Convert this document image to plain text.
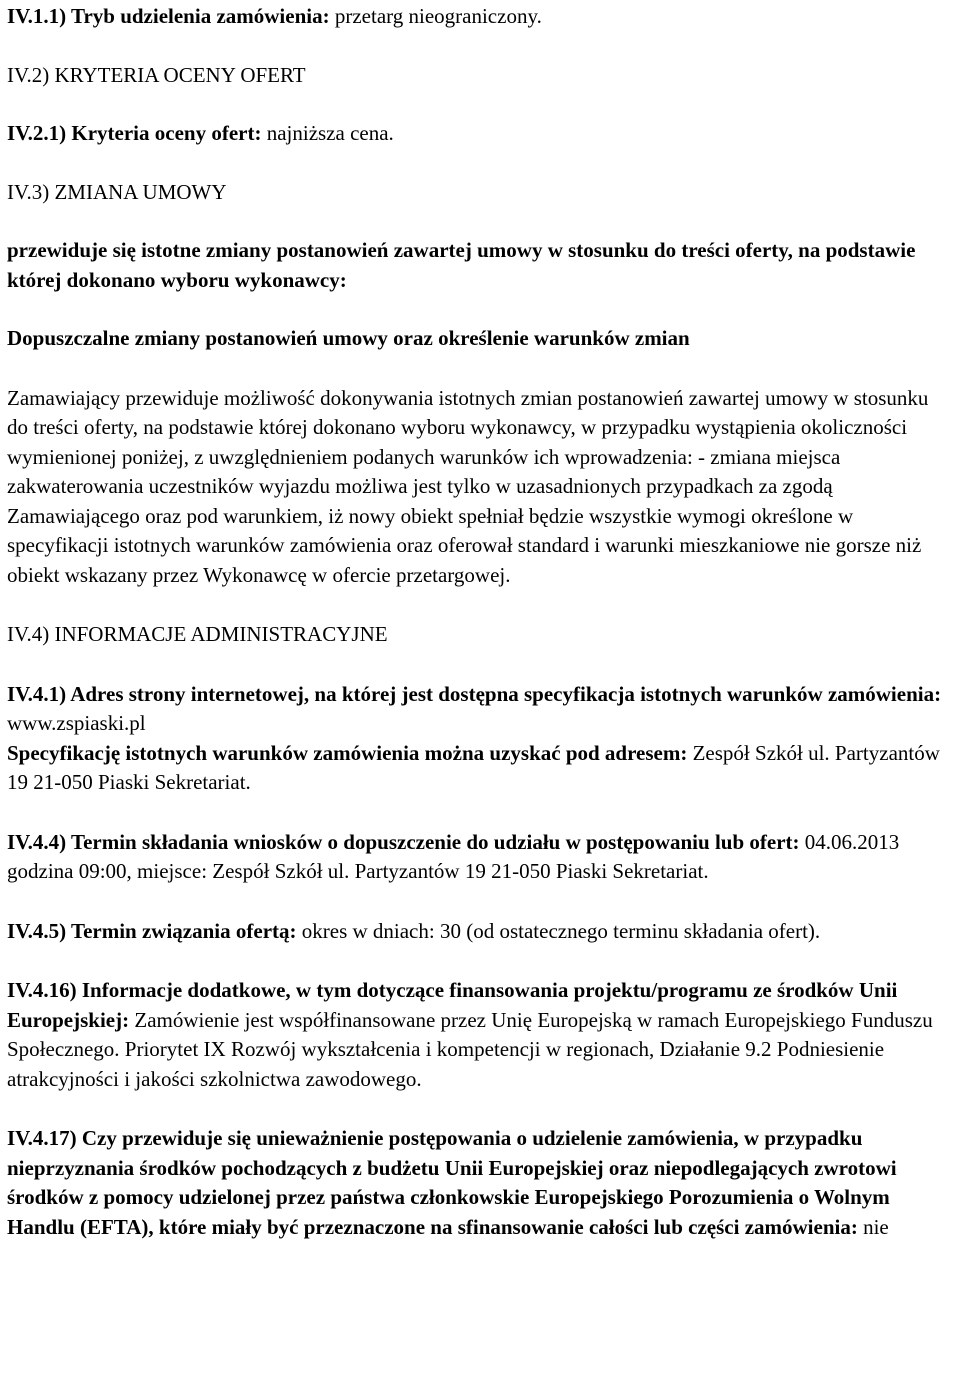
IV.1.1) Tryb udzielenia zamówienia: przetarg nieograniczony.

IV.2) KRYTERIA OCENY OFERT

IV.2.1) Kryteria oceny ofert: najniższa cena.

IV.3) ZMIANA UMOWY

przewiduje się istotne zmiany postanowień zawartej umowy w stosunku do treści oferty, na podstawie której dokonano wyboru wykonawcy:

Dopuszczalne zmiany postanowień umowy oraz określenie warunków zmian

Zamawiający przewiduje możliwość dokonywania istotnych zmian postanowień zawartej umowy w stosunku do treści oferty, na podstawie której dokonano wyboru wykonawcy, w przypadku wystąpienia okoliczności wymienionej poniżej, z uwzględnieniem podanych warunków ich wprowadzenia: - zmiana miejsca zakwaterowania uczestników wyjazdu możliwa jest tylko w uzasadnionych przypadkach za zgodą Zamawiającego oraz pod warunkiem, iż nowy obiekt spełniał będzie wszystkie wymogi określone w specyfikacji istotnych warunków zamówienia oraz oferował standard i warunki mieszkaniowe nie gorsze niż obiekt wskazany przez Wykonawcę w ofercie przetargowej.

IV.4) INFORMACJE ADMINISTRACYJNE

IV.4.1) Adres strony internetowej, na której jest dostępna specyfikacja istotnych warunków zamówienia: www.zspiaski.pl

Specyfikację istotnych warunków zamówienia można uzyskać pod adresem: Zespół Szkół ul. Partyzantów 19 21-050 Piaski Sekretariat.

IV.4.4) Termin składania wniosków o dopuszczenie do udziału w postępowaniu lub ofert: 04.06.2013 godzina 09:00, miejsce: Zespół Szkół ul. Partyzantów 19 21-050 Piaski Sekretariat.

IV.4.5) Termin związania ofertą: okres w dniach: 30 (od ostatecznego terminu składania ofert).

IV.4.16) Informacje dodatkowe, w tym dotyczące finansowania projektu/programu ze środków Unii Europejskiej: Zamówienie jest współfinansowane przez Unię Europejską w ramach Europejskiego Funduszu Społecznego. Priorytet IX Rozwój wykształcenia i kompetencji w regionach, Działanie 9.2 Podniesienie atrakcyjności i jakości szkolnictwa zawodowego.

IV.4.17) Czy przewiduje się unieważnienie postępowania o udzielenie zamówienia, w przypadku nieprzyznania środków pochodzących z budżetu Unii Europejskiej oraz niepodlegających zwrotowi środków z pomocy udzielonej przez państwa członkowskie Europejskiego Porozumienia o Wolnym Handlu (EFTA), które miały być przeznaczone na sfinansowanie całości lub części zamówienia: nie
